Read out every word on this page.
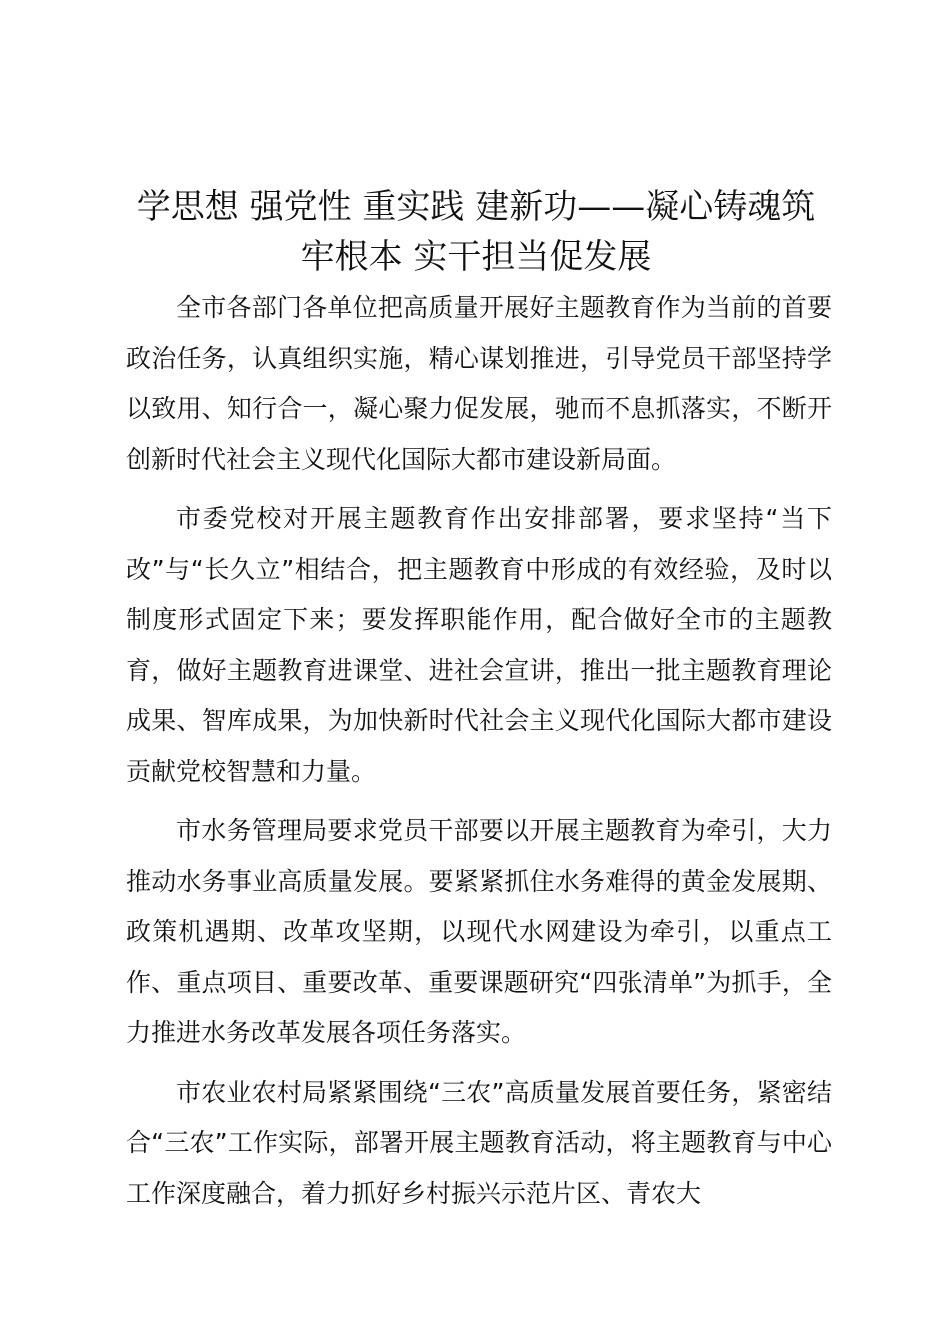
学思想 强党性 重实践 建新功——凝心铸魂筑牢根本 实干担当促发展

全市各部门各单位把高质量开展好主题教育作为当前的首要政治任务，认真组织实施，精心谋划推进，引导党员干部坚持学以致用、知行合一，凝心聚力促发展，驰而不息抓落实，不断开创新时代社会主义现代化国际大都市建设新局面。

市委党校对开展主题教育作出安排部署，要求坚持“当下改”与“长久立”相结合，把主题教育中形成的有效经验，及时以制度形式固定下来；要发挥职能作用，配合做好全市的主题教育，做好主题教育进课堂、进社会宣讲，推出一批主题教育理论成果、智库成果，为加快新时代社会主义现代化国际大都市建设贡献党校智慧和力量。

市水务管理局要求党员干部要以开展主题教育为牵引，大力推动水务事业高质量发展。要紧紧抓住水务难得的黄金发展期、政策机遇期、改革攻坚期，以现代水网建设为牵引，以重点工作、重点项目、重要改革、重要课题研究“四张清单”为抓手，全力推进水务改革发展各项任务落实。

市农业农村局紧紧围绕“三农”高质量发展首要任务，紧密结合“三农”工作实际，部署开展主题教育活动，将主题教育与中心工作深度融合，着力抓好乡村振兴示范片区、青农大
